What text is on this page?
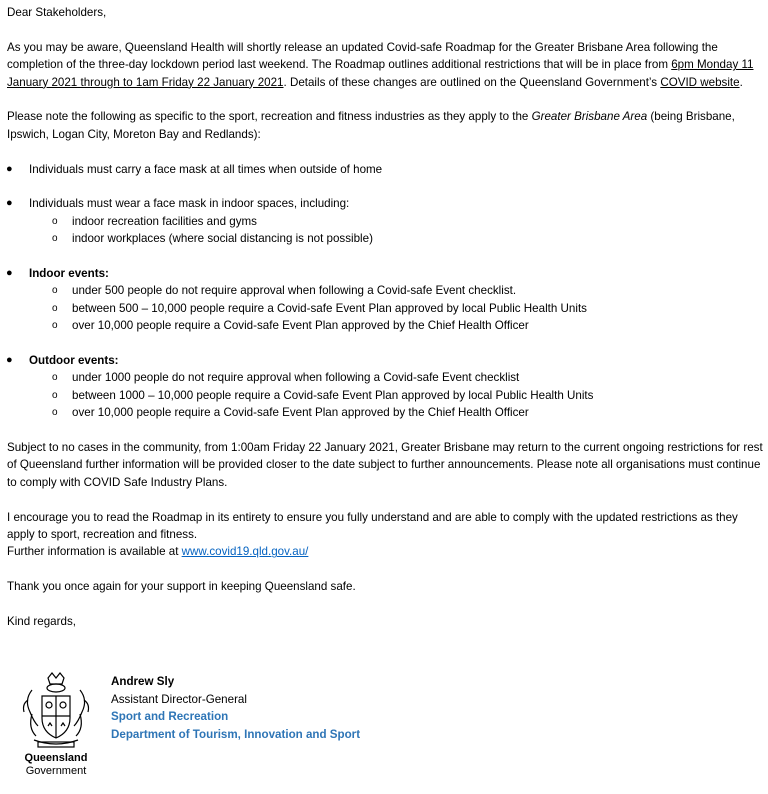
Dear Stakeholders,

As you may be aware, Queensland Health will shortly release an updated Covid-safe Roadmap for the Greater Brisbane Area following the completion of the three-day lockdown period last weekend. The Roadmap outlines additional restrictions that will be in place from 6pm Monday 11 January 2021 through to 1am Friday 22 January 2021. Details of these changes are outlined on the Queensland Government’s COVID website.

Please note the following as specific to the sport, recreation and fitness industries as they apply to the Greater Brisbane Area (being Brisbane, Ipswich, Logan City, Moreton Bay and Redlands):

● Individuals must carry a face mask at all times when outside of home
● Individuals must wear a face mask in indoor spaces, including:
o indoor recreation facilities and gyms
o indoor workplaces (where social distancing is not possible)
● Indoor events:
o under 500 people do not require approval when following a Covid-safe Event checklist.
o between 500 – 10,000 people require a Covid-safe Event Plan approved by local Public Health Units
o over 10,000 people require a Covid-safe Event Plan approved by the Chief Health Officer
● Outdoor events:
o under 1000 people do not require approval when following a Covid-safe Event checklist
o between 1000 – 10,000 people require a Covid-safe Event Plan approved by local Public Health Units
o over 10,000 people require a Covid-safe Event Plan approved by the Chief Health Officer

Subject to no cases in the community, from 1:00am Friday 22 January 2021, Greater Brisbane may return to the current ongoing restrictions for rest of Queensland further information will be provided closer to the date subject to further announcements. Please note all organisations must continue to comply with COVID Safe Industry Plans.

I encourage you to read the Roadmap in its entirety to ensure you fully understand and are able to comply with the updated restrictions as they apply to sport, recreation and fitness.

Further information is available at www.covid19.qld.gov.au/

Thank you once again for your support in keeping Queensland safe.

Kind regards,

Queensland
Government
Andrew Sly
Assistant Director-General
Sport and Recreation
Department of Tourism, Innovation and Sport
